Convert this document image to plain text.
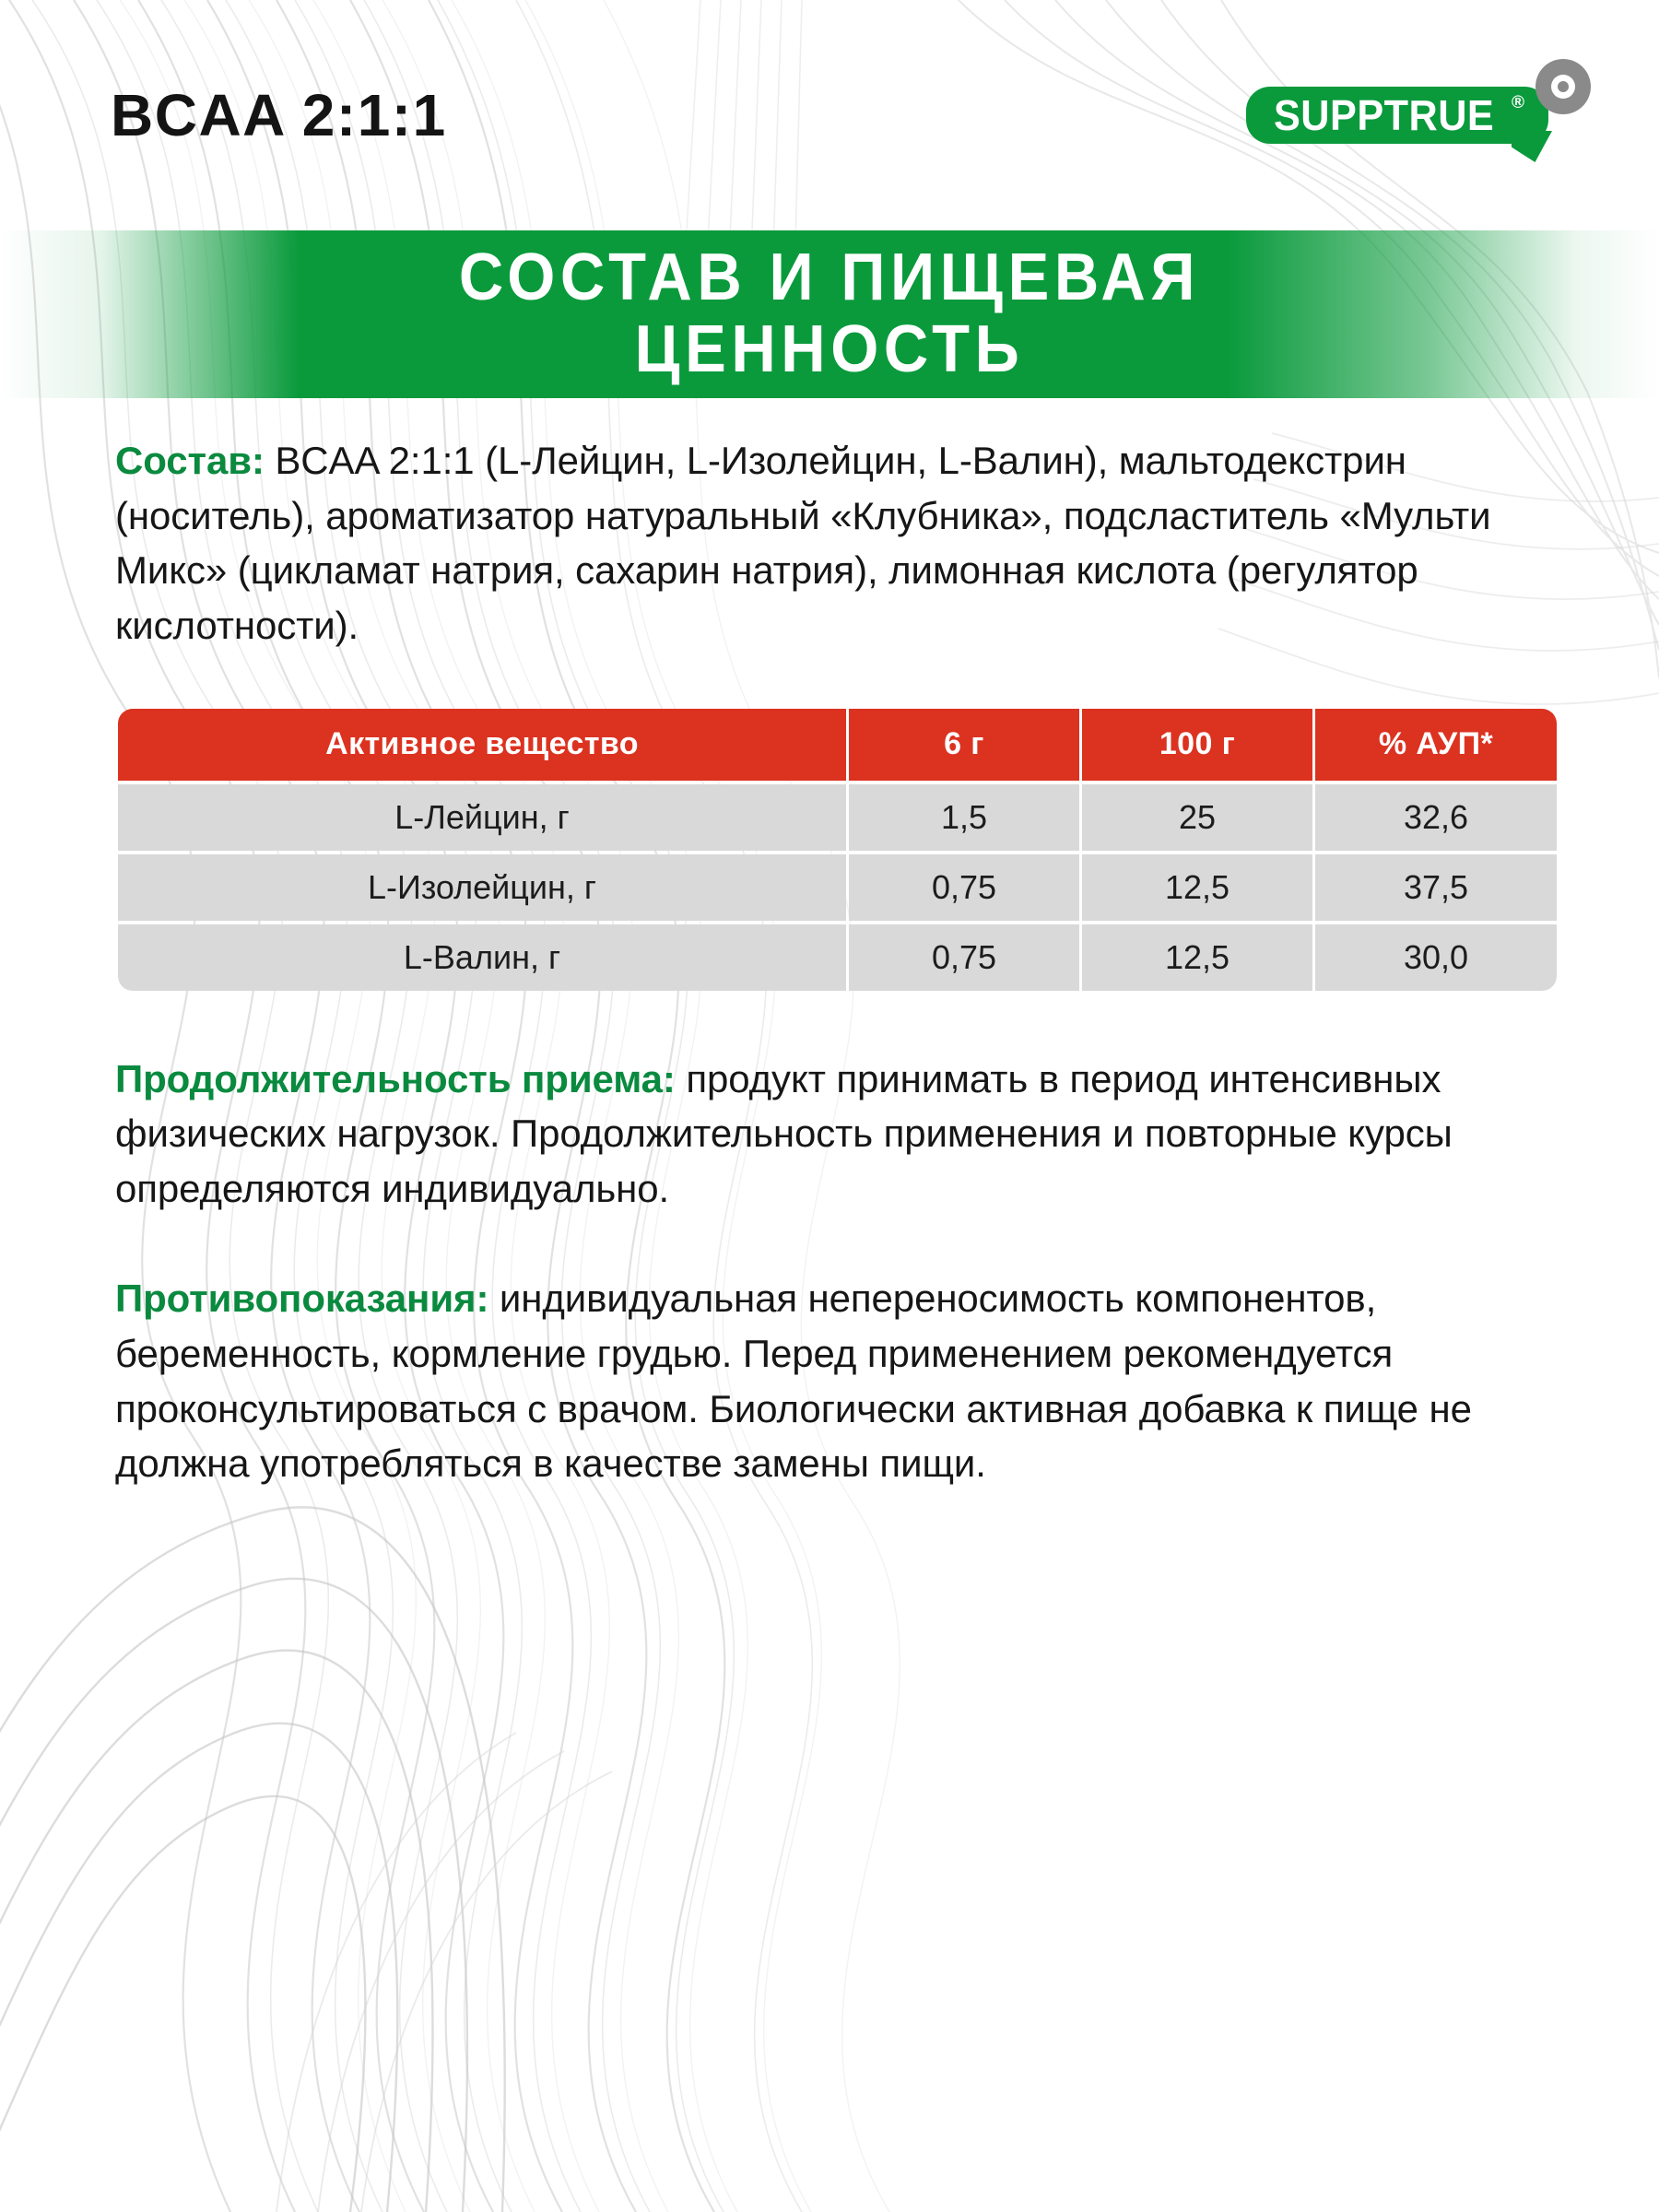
BCAA 2:1:1	SUPPTRUE ®
СОСТАВ И ПИЩЕВАЯ ЦЕННОСТЬ

Состав: BCAA 2:1:1 (L-Лейцин, L-Изолейцин, L-Валин), мальтодекстрин (носитель), ароматизатор натуральный «Клубника», подсластитель «Мульти Микс» (цикламат натрия, сахарин натрия), лимонная кислота (регулятор кислотности).

Активное вещество	6 г	100 г	% АУП*
L-Лейцин, г	1,5	25	32,6
L-Изолейцин, г	0,75	12,5	37,5
L-Валин, г	0,75	12,5	30,0

Продолжительность приема: продукт принимать в период интенсивных физических нагрузок. Продолжительность применения и повторные курсы определяются индивидуально.

Противопоказания: индивидуальная непереносимость компонентов, беременность, кормление грудью. Перед применением рекомендуется проконсультироваться с врачом. Биологически активная добавка к пище не должна употребляться в качестве замены пищи.
